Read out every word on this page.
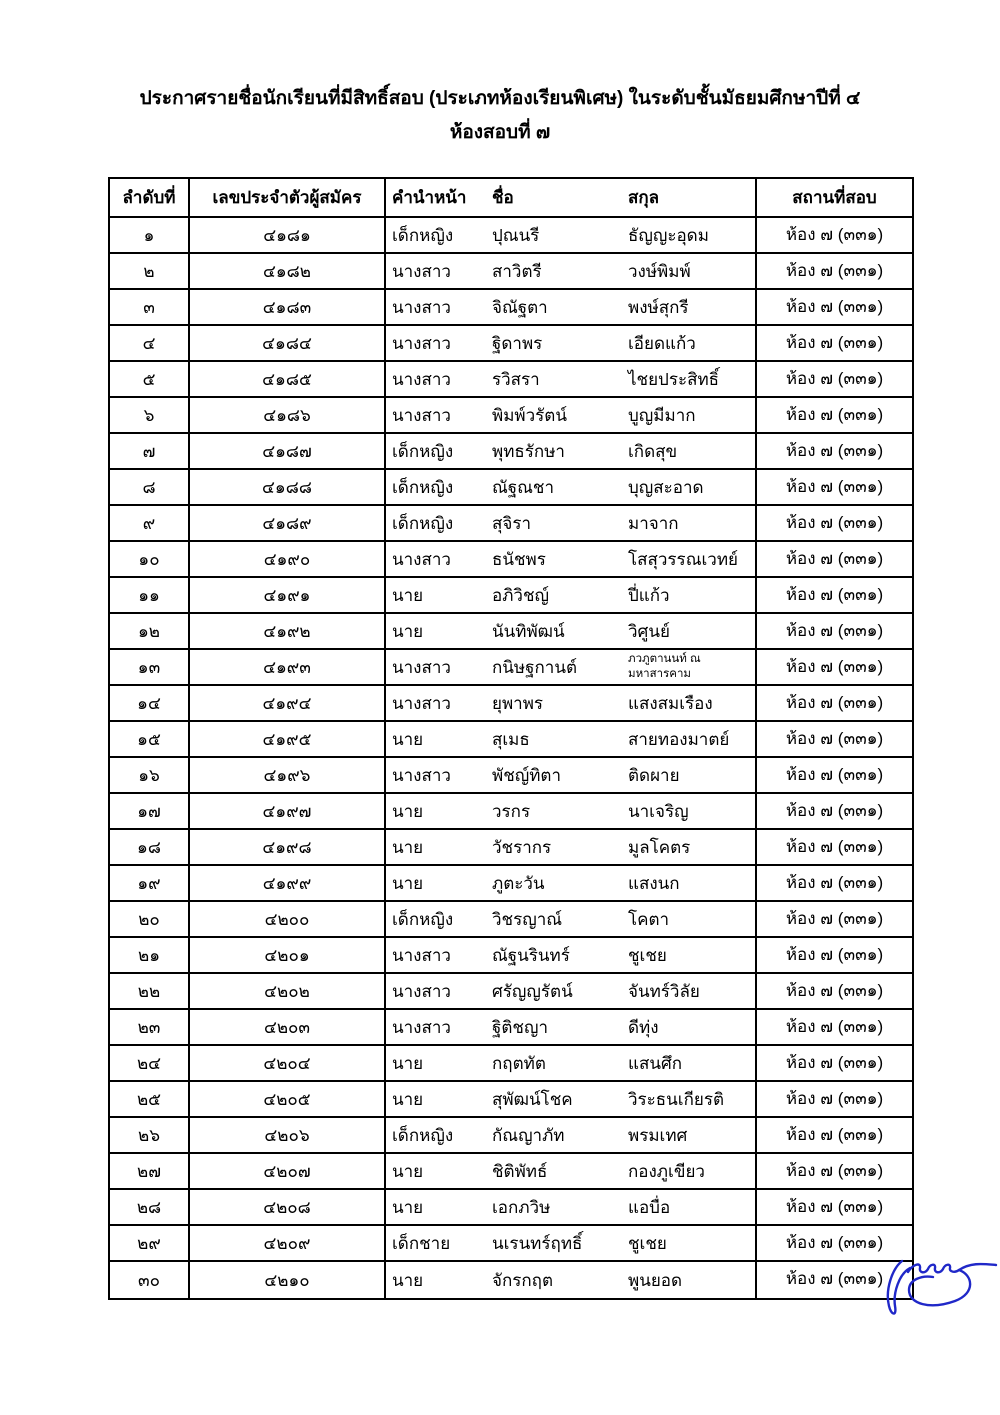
ประกาศรายชื่อนักเรียนที่มีสิทธิ์สอบ (ประเภทห้องเรียนพิเศษ) ในระดับชั้นมัธยมศึกษาปีที่ ๔
ห้องสอบที่ ๗
ลำดับที่	เลขประจำตัวผู้สมัคร	คำนำหน้า	ชื่อ	สกุล	สถานที่สอบ
๑	๔๑๘๑	เด็กหญิง	ปุณนรี	ธัญญะอุดม	ห้อง ๗ (๓๓๑)
๒	๔๑๘๒	นางสาว	สาวิตรี	วงษ์พิมพ์	ห้อง ๗ (๓๓๑)
๓	๔๑๘๓	นางสาว	จิณัฐตา	พงษ์สุกรี	ห้อง ๗ (๓๓๑)
๔	๔๑๘๔	นางสาว	ฐิดาพร	เอียดแก้ว	ห้อง ๗ (๓๓๑)
๕	๔๑๘๕	นางสาว	รวิสรา	ไชยประสิทธิ์	ห้อง ๗ (๓๓๑)
๖	๔๑๘๖	นางสาว	พิมพ์วรัตน์	บูญมีมาก	ห้อง ๗ (๓๓๑)
๗	๔๑๘๗	เด็กหญิง	พุทธรักษา	เกิดสุข	ห้อง ๗ (๓๓๑)
๘	๔๑๘๘	เด็กหญิง	ณัฐณชา	บุญสะอาด	ห้อง ๗ (๓๓๑)
๙	๔๑๘๙	เด็กหญิง	สุจิรา	มาจาก	ห้อง ๗ (๓๓๑)
๑๐	๔๑๙๐	นางสาว	ธนัชพร	โสสุวรรณเวทย์	ห้อง ๗ (๓๓๑)
๑๑	๔๑๙๑	นาย	อภิวิชญ์	ปี่แก้ว	ห้อง ๗ (๓๓๑)
๑๒	๔๑๙๒	นาย	นันทิพัฒน์	วิศูนย์	ห้อง ๗ (๓๓๑)
๑๓	๔๑๙๓	นางสาว	กนิษฐกานต์	ภวภูตานนท์ ณ
มหาสารคาม	ห้อง ๗ (๓๓๑)
๑๔	๔๑๙๔	นางสาว	ยุพาพร	แสงสมเรือง	ห้อง ๗ (๓๓๑)
๑๕	๔๑๙๕	นาย	สุเมธ	สายทองมาตย์	ห้อง ๗ (๓๓๑)
๑๖	๔๑๙๖	นางสาว	พัชญ์ทิตา	ติดผาย	ห้อง ๗ (๓๓๑)
๑๗	๔๑๙๗	นาย	วรกร	นาเจริญ	ห้อง ๗ (๓๓๑)
๑๘	๔๑๙๘	นาย	วัชรากร	มูลโคตร	ห้อง ๗ (๓๓๑)
๑๙	๔๑๙๙	นาย	ภูตะวัน	แสงนก	ห้อง ๗ (๓๓๑)
๒๐	๔๒๐๐	เด็กหญิง	วิชรญาณ์	โคตา	ห้อง ๗ (๓๓๑)
๒๑	๔๒๐๑	นางสาว	ณัฐนรินทร์	ชูเชย	ห้อง ๗ (๓๓๑)
๒๒	๔๒๐๒	นางสาว	ศรัญญรัตน์	จันทร์วิลัย	ห้อง ๗ (๓๓๑)
๒๓	๔๒๐๓	นางสาว	ฐิติชญา	ดีทุ่ง	ห้อง ๗ (๓๓๑)
๒๔	๔๒๐๔	นาย	กฤตทัต	แสนศึก	ห้อง ๗ (๓๓๑)
๒๕	๔๒๐๕	นาย	สุพัฒน์โชค	วิระธนเกียรติ	ห้อง ๗ (๓๓๑)
๒๖	๔๒๐๖	เด็กหญิง	กัณญาภัท	พรมเทศ	ห้อง ๗ (๓๓๑)
๒๗	๔๒๐๗	นาย	ชิติพัทธ์	กองภูเขียว	ห้อง ๗ (๓๓๑)
๒๘	๔๒๐๘	นาย	เอกภวิษ	แอบื่อ	ห้อง ๗ (๓๓๑)
๒๙	๔๒๐๙	เด็กชาย	นเรนทร์ฤทธิ์	ชูเชย	ห้อง ๗ (๓๓๑)
๓๐	๔๒๑๐	นาย	จักรกฤต	พูนยอด	ห้อง ๗ (๓๓๑)
